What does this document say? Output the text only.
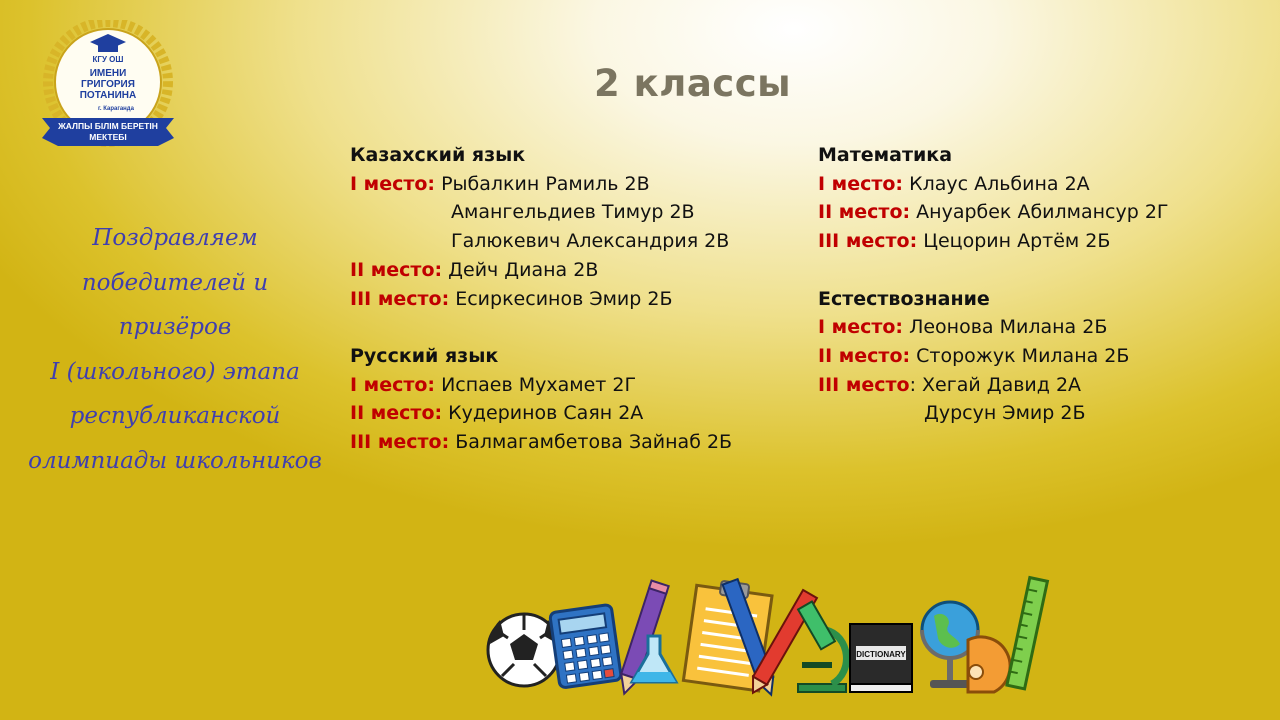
КГУ ОШ
ИМЕНИ
ГРИГОРИЯ
ПОТАНИНА
г. Караганда
ЖАЛПЫ БІЛІМ БЕРЕТІН
МЕКТЕБІ
2 классы
Поздравляем
победителей и призёров
I (школьного) этапа
республиканской
олимпиады школьников
Казахский язык
I место: Рыбалкин Рамиль 2В
Амангельдиев Тимур 2В
Галюкевич Александрия 2В
II место: Дейч Диана 2В
III место: Есиркесинов Эмир 2Б
Русский язык
I место: Испаев Мухамет 2Г
II место: Кудеринов Саян 2А
III место: Балмагамбетова Зайнаб 2Б
Математика
I место: Клаус Альбина 2А
II место: Ануарбек Абилмансур 2Г
III место: Цецорин Артём 2Б
Естествознание
I место: Леонова Милана 2Б
II место: Сторожук Милана 2Б
III место: Хегай Давид 2А
Дурсун Эмир 2Б
DICTIONARY
